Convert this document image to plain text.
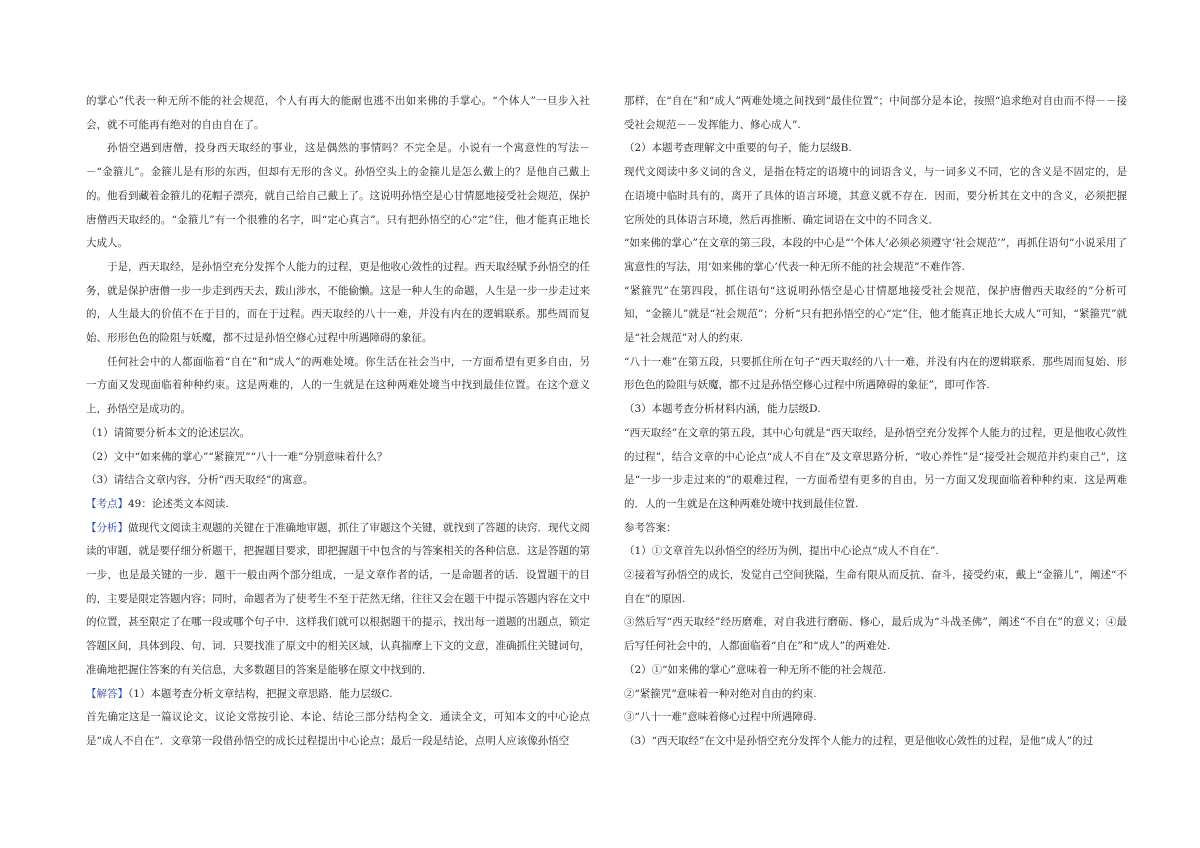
的掌心”代表一种无所不能的社会规范，个人有再大的能耐也逃不出如来佛的手掌心。“个体人”一旦步入社会，就不可能再有绝对的自由自在了。

孙悟空遇到唐僧，投身西天取经的事业，这是偶然的事情吗？不完全是。小说有一个寓意性的写法－－“金箍儿”。金箍儿是有形的东西，但却有无形的含义。孙悟空头上的金箍儿是怎么戴上的？是他自己戴上的。他看到藏着金箍儿的花帽子漂亮，就自己给自己戴上了。这说明孙悟空是心甘情愿地接受社会规范，保护唐僧西天取经的。“金箍儿”有一个很雅的名字，叫“定心真言”。只有把孙悟空的心“定”住，他才能真正地长大成人。

于是，西天取经，是孙悟空充分发挥个人能力的过程，更是他收心敛性的过程。西天取经赋予孙悟空的任务，就是保护唐僧一步一步走到西天去，跋山涉水，不能偷懒。这是一种人生的命题，人生是一步一步走过来的，人生最大的价值不在于目的，而在于过程。西天取经的八十一难，并没有内在的逻辑联系。那些周而复始、形形色色的险阻与妖魔，都不过是孙悟空修心过程中所遇障碍的象征。

任何社会中的人都面临着“自在”和“成人”的两难处境。你生活在社会当中，一方面希望有更多自由，另一方面又发现面临着种种约束。这是两难的，人的一生就是在这种两难处境当中找到最佳位置。在这个意义上，孙悟空是成功的。

（1）请简要分析本文的论述层次。

（2）文中“如来佛的掌心”“紧箍咒”“八十一难”分别意味着什么？

（3）请结合文章内容，分析“西天取经”的寓意。

【考点】49：论述类文本阅读.

【分析】做现代文阅读主观题的关键在于准确地审题，抓住了审题这个关键，就找到了答题的诀窍．现代文阅读的审题，就是要仔细分析题干，把握题目要求，即把握题干中包含的与答案相关的各种信息．这是答题的第一步，也是最关键的一步．题干一般由两个部分组成，一是文章作者的话，一是命题者的话．设置题干的目的，主要是限定答题内容；同时，命题者为了使考生不至于茫然无绪，往往又会在题干中提示答题内容在文中的位置，甚至限定了在哪一段或哪个句子中．这样我们就可以根据题干的提示，找出每一道题的出题点，锁定答题区间，具体到段、句、词．只要找准了原文中的相关区域，认真揣摩上下文的文意，准确抓住关键词句，准确地把握住答案的有关信息，大多数题目的答案是能够在原文中找到的．

【解答】（1）本题考查分析文章结构，把握文章思路．能力层级C.

首先确定这是一篇议论文，议论文常按引论、本论、结论三部分结构全文．通读全文，可知本文的中心论点是“成人不自在”．文章第一段借孙悟空的成长过程提出中心论点；最后一段是结论，点明人应该像孙悟空

那样，在“自在”和“成人”两难处境之间找到“最佳位置”；中间部分是本论，按照“追求绝对自由而不得－－接受社会规范－－发挥能力、修心成人”.

（2）本题考查理解文中重要的句子，能力层级B.

现代文阅读中多义词的含义，是指在特定的语境中的词语含义，与一词多义不同，它的含义是不固定的，是在语境中临时具有的，离开了具体的语言环境，其意义就不存在．因而，要分析其在文中的含义，必须把握它所处的具体语言环境，然后再推断、确定词语在文中的不同含义．

“如来佛的掌心”在文章的第三段，本段的中心是“‘个体人’必须必须遵守‘社会规范’”，再抓住语句“小说采用了寓意性的写法，用‘如来佛的掌心’代表一种无所不能的社会规范”不难作答.

“紧箍咒”在第四段，抓住语句“这说明孙悟空是心甘情愿地接受社会规范，保护唐僧西天取经的”分析可知，“金箍儿”就是“社会规范”；分析“只有把孙悟空的心“定”住，他才能真正地长大成人”可知，“紧箍咒”就是“社会规范”对人的约束.

“八十一难”在第五段，只要抓住所在句子“西天取经的八十一难，并没有内在的逻辑联系．那些周而复始、形形色色的险阻与妖魔，都不过是孙悟空修心过程中所遇障碍的象征”，即可作答.

（3）本题考查分析材料内涵，能力层级D.

“西天取经”在文章的第五段，其中心句就是“西天取经，是孙悟空充分发挥个人能力的过程，更是他收心敛性的过程”，结合文章的中心论点“成人不自在”及文章思路分析，“收心养性”是“接受社会规范并约束自己”，这是“一步一步走过来的”的艰难过程，一方面希望有更多的自由，另一方面又发现面临着种种约束．这是两难的．人的一生就是在这种两难处境中找到最佳位置.

参考答案：

（1）①文章首先以孙悟空的经历为例，提出中心论点“成人不自在”.

②接着写孙悟空的成长，发觉自己空间狭隘，生命有限从而反抗、奋斗，接受约束，戴上“金箍儿”，阐述“不自在”的原因.

③然后写“西天取经”经历磨难，对自我进行磨砺、修心，最后成为“斗战圣佛”，阐述“不自在”的意义；④最后写任何社会中的，人都面临着“自在”和“成人”的两难处.

（2）①“如来佛的掌心”意味着一种无所不能的社会规范.

②“紧箍咒”意味着一种对绝对自由的约束.

③“八十一难”意味着修心过程中所遇障碍.

（3）“西天取经”在文中是孙悟空充分发挥个人能力的过程，更是他收心敛性的过程，是他“成人”的过
